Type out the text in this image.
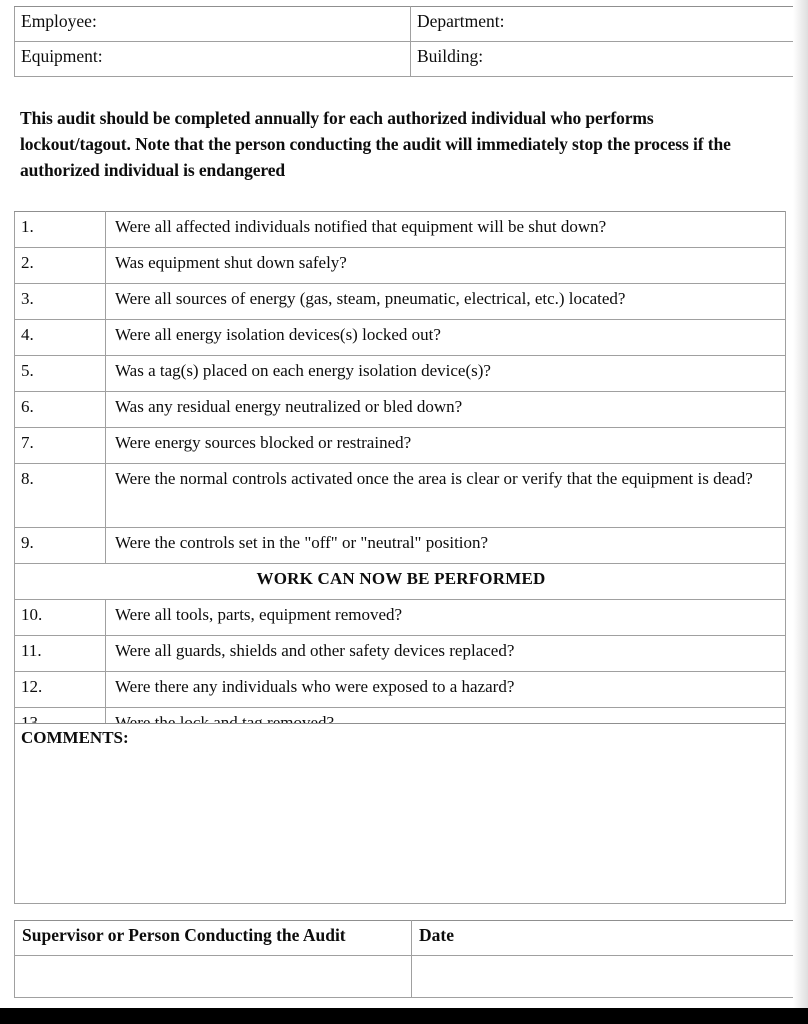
Employee:	Department:
Equipment:	Building:
This audit should be completed annually for each authorized individual who performs lockout/tagout. Note that the person conducting the audit will immediately stop the process if the authorized individual is endangered
1.	Were all affected individuals notified that equipment will be shut down?
2.	Was equipment shut down safely?
3.	Were all sources of energy (gas, steam, pneumatic, electrical, etc.) located?
4.	Were all energy isolation devices(s) locked out?
5.	Was a tag(s) placed on each energy isolation device(s)?
6.	Was any residual energy neutralized or bled down?
7.	Were energy sources blocked or restrained?
8.	Were the normal controls activated once the area is clear or verify that the equipment is dead?
9.	Were the controls set in the "off" or "neutral" position?
WORK CAN NOW BE PERFORMED	
10.	Were all tools, parts, equipment removed?
11.	Were all guards, shields and other safety devices replaced?
12.	Were there any individuals who were exposed to a hazard?

COMMENTS:
Supervisor or Person Conducting the Audit	Date
